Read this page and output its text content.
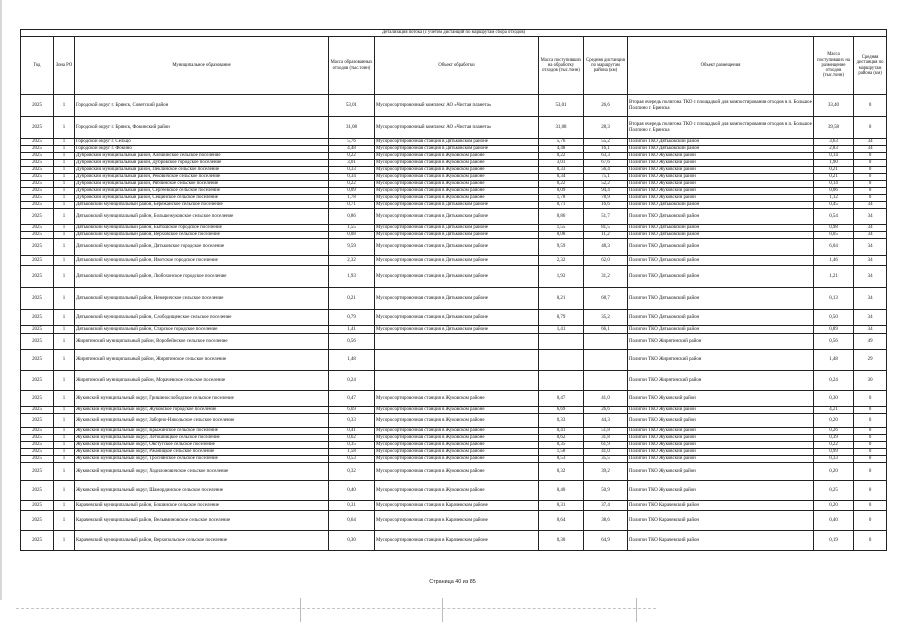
Детализация потока (с учетом дистанций по маршрутам сбора отходов)									
Год	Зона РО	Муниципальное образование	Масса образованных отходов (тыс.тонн)	Объект обработки	Масса поступивших на обработку отходов (тыс.тонн)	Средняя дистанция по маршрутам района (км)	Объект размещения	Масса поступивших на размещение отходов (тыс.тонн)	Средняя дистанция по маршрутам района (км)
2025	1	Городской округ г. Брянск, Советский район	53,01	Мусоросортировочный комплекс АО «Чистая планета»	53,01	26,6	Вторая очередь полигона ТКО с площадкой для компостирования отходов в п. Большое Полпино г. Брянска	33,40	0
2025	1	Городской округ г. Брянск, Фокинский район	31,08	Мусоросортировочный комплекс АО «Чистая планета»	31,08	28,3	Вторая очередь полигона ТКО с площадкой для компостирования отходов в п. Большое Полпино г. Брянска	39,58	0
2025	1	Городской округ г. Сельцо	5,76	Мусоросортировочная станция в Дятьковском районе	5,76	55,2	Полигон ТКО Дятьковский район	3,63	34
2025	1	Городской округ г. Фокино	4,48	Мусоросортировочная станция в Дятьковском районе	4,48	16,1	Полигон ТКО Дятьковский район	2,83	34
2025	1	Дубровский муниципальный район, Алешинское сельское поселение	0,22	Мусоросортировочная станция в Жуковском районе	0,22	63,3	Полигон ТКО Жуковский район	0,14	0
2025	1	Дубровский муниципальный район, Дубровское городское поселение	3,01	Мусоросортировочная станция в Жуковском районе	3,01	67,6	Полигон ТКО Жуковский район	1,90	0
2025	1	Дубровский муниципальный район, Пеклинское сельское поселение	0,33	Мусоросортировочная станция в Жуковском районе	0,33	56,4	Полигон ТКО Жуковский район	0,21	0
2025	1	Дубровский муниципальный район, Рековичское сельское поселение	0,34	Мусоросортировочная станция в Жуковском районе	0,34	75,1	Полигон ТКО Жуковский район	0,21	0
2025	1	Дубровский муниципальный район, Рябчинское сельское поселение	0,22	Мусоросортировочная станция в Жуковском районе	0,22	52,2	Полигон ТКО Жуковский район	0,14	0
2025	1	Дубровский муниципальный район, Сергеевское сельское поселение	0,09	Мусоросортировочная станция в Жуковском районе	0,09	94,4	Полигон ТКО Жуковский район	0,06	0
2025	1	Дубровский муниципальный район, Сещинское сельское поселение	1,78	Мусоросортировочная станция в Жуковском районе	1,78	78,9	Полигон ТКО Жуковский район	1,12	0
2025	1	Дятьковский муниципальный район, Бережанское сельское поселение	0,71	Мусоросортировочная станция в Дятьковском районе	0,71	16,6	Полигон ТКО Дятьковский район	0,45	34
2025	1	Дятьковский муниципальный район, Большежуковское сельское поселение	0,86	Мусоросортировочная станция в Дятьковском районе	0,86	51,7	Полигон ТКО Дятьковский район	0,54	34
2025	1	Дятьковский муниципальный район, Бытошское городское поселение	1,55	Мусоросортировочная станция в Дятьковском районе	1,55	81,5	Полигон ТКО Дятьковский район	0,98	34
2025	1	Дятьковский муниципальный район, Верховское сельское поселение	0,08	Мусоросортировочная станция в Дятьковском районе	0,08	11,2	Полигон ТКО Дятьковский район	0,05	34
2025	1	Дятьковский муниципальный район, Дятьковское городское поселение	9,59	Мусоросортировочная станция в Дятьковском районе	9,59	48,3	Полигон ТКО Дятьковский район	6,04	34
2025	1	Дятьковский муниципальный район, Ивотское городское поселение	2,32	Мусоросортировочная станция в Дятьковском районе	2,32	62,0	Полигон ТКО Дятьковский район	1,46	34
2025	1	Дятьковский муниципальный район, Любохонское городское поселение	1,93	Мусоросортировочная станция в Дятьковском районе	1,93	31,2	Полигон ТКО Дятьковский район	1,21	34
2025	1	Дятьковский муниципальный район, Немеричское сельское поселение	0,21	Мусоросортировочная станция в Дятьковском районе	0,21	68,7	Полигон ТКО Дятьковский район	0,13	34
2025	1	Дятьковский муниципальный район, Слободищенское сельское поселение	0,79	Мусоросортировочная станция в Дятьковском районе	0,79	35,2	Полигон ТКО Дятьковский район	0,50	34
2025	1	Дятьковский муниципальный район, Старское городское поселение	1,41	Мусоросортировочная станция в Дятьковском районе	1,41	66,1	Полигон ТКО Дятьковский район	0,89	34
2025	1	Жирятинский муниципальный район, Воробейнское сельское поселение	0,56				Полигон ТКО Жирятинский район	0,56	49
2025	1	Жирятинский муниципальный район, Жирятинское сельское поселение	1,48				Полигон ТКО Жирятинский район	1,48	29
2025	1	Жирятинский муниципальный район, Морачевское сельское поселение	0,24				Полигон ТКО Жирятинский район	0,24	30
2025	1	Жуковский муниципальный округ, Гришинослободское сельское поселение	0,47	Мусоросортировочная станция в Жуковском районе	0,47	41,0	Полигон ТКО Жуковский район	0,30	0
2025	1	Жуковский муниципальный округ, Жуковское городское поселение	6,69	Мусоросортировочная станция в Жуковском районе	6,69	26,6	Полигон ТКО Жуковский район	4,21	0
2025	1	Жуковский муниципальный округ, Заборно-Никольское сельское поселение	0,33	Мусоросортировочная станция в Жуковском районе	0,33	44,3	Полигон ТКО Жуковский район	0,20	0
2025	1	Жуковский муниципальный округ, Крыжинское сельское поселение	0,41	Мусоросортировочная станция в Жуковском районе	0,41	51,8	Полигон ТКО Жуковский район	0,26	0
2025	1	Жуковский муниципальный округ, Летошницкое сельское поселение	0,62	Мусоросортировочная станция в Жуковском районе	0,62	31,8	Полигон ТКО Жуковский район	0,39	0
2025	1	Жуковский муниципальный округ, Овстугское сельское поселение	0,35	Мусоросортировочная станция в Жуковском районе	0,35	61,9	Полигон ТКО Жуковский район	0,22	0
2025	1	Жуковский муниципальный округ, Ржаницкое сельское поселение	1,58	Мусоросортировочная станция в Жуковском районе	1,58	41,0	Полигон ТКО Жуковский район	0,99	0
2025	1	Жуковский муниципальный округ, Троснянское сельское поселение	0,53	Мусоросортировочная станция в Жуковском районе	0,53	35,5	Полигон ТКО Жуковский район	0,33	0
2025	1	Жуковский муниципальный округ, Ходилоновичское сельское поселение	0,32	Мусоросортировочная станция в Жуковском районе	0,32	39,2	Полигон ТКО Жуковский район	0,20	0
2025	1	Жуковский муниципальный округ, Шамординское сельское поселение	0,40	Мусоросортировочная станция в Жуковском районе	0,40	50,9	Полигон ТКО Жуковский район	0,25	0
2025	1	Карачевский муниципальный район, Бошинское сельское поселение	0,31	Мусоросортировочная станция в Карачевском районе	0,31	37,4	Полигон ТКО Карачевский район	0,20	0
2025	1	Карачевский муниципальный район, Вельяминовское сельское поселение	0,64	Мусоросортировочная станция в Карачевском районе	0,64	38,6	Полигон ТКО Карачевский район	0,40	0
2025	1	Карачевский муниципальный район, Верхопольское сельское поселение	0,30	Мусоросортировочная станция в Карачевском районе	0,30	64,9	Полигон ТКО Карачевский район	0,19	0
Страница 40 из 85
